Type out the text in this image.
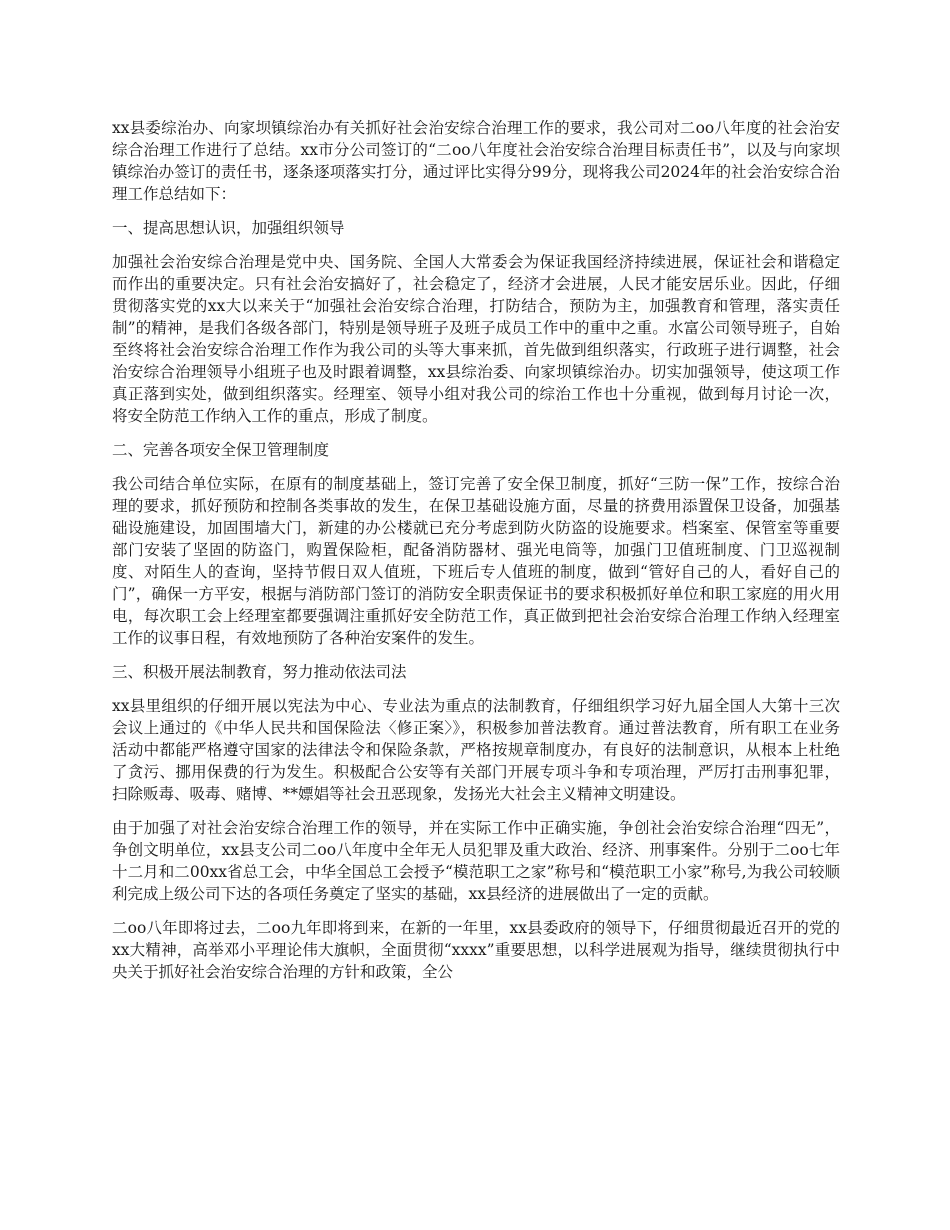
xx县委综治办、向家坝镇综治办有关抓好社会治安综合治理工作的要求，我公司对二oo八年度的社会治安综合治理工作进行了总结。xx市分公司签订的“二oo八年度社会治安综合治理目标责任书”，以及与向家坝镇综治办签订的责任书，逐条逐项落实打分，通过评比实得分99分，现将我公司2024年的社会治安综合治理工作总结如下：

一、提高思想认识，加强组织领导

加强社会治安综合治理是党中央、国务院、全国人大常委会为保证我国经济持续进展，保证社会和谐稳定而作出的重要决定。只有社会治安搞好了，社会稳定了，经济才会进展，人民才能安居乐业。因此，仔细贯彻落实党的xx大以来关于“加强社会治安综合治理，打防结合，预防为主，加强教育和管理，落实责任制”的精神，是我们各级各部门，特别是领导班子及班子成员工作中的重中之重。水富公司领导班子，自始至终将社会治安综合治理工作作为我公司的头等大事来抓，首先做到组织落实，行政班子进行调整，社会治安综合治理领导小组班子也及时跟着调整，xx县综治委、向家坝镇综治办。切实加强领导，使这项工作真正落到实处，做到组织落实。经理室、领导小组对我公司的综治工作也十分重视，做到每月讨论一次，将安全防范工作纳入工作的重点，形成了制度。

二、完善各项安全保卫管理制度

我公司结合单位实际，在原有的制度基础上，签订完善了安全保卫制度，抓好“三防一保”工作，按综合治理的要求，抓好预防和控制各类事故的发生，在保卫基础设施方面，尽量的挤费用添置保卫设备，加强基础设施建设，加固围墙大门，新建的办公楼就已充分考虑到防火防盗的设施要求。档案室、保管室等重要部门安装了坚固的防盗门，购置保险柜，配备消防器材、强光电筒等，加强门卫值班制度、门卫巡视制度、对陌生人的查询，坚持节假日双人值班，下班后专人值班的制度，做到“管好自己的人，看好自己的门”，确保一方平安，根据与消防部门签订的消防安全职责保证书的要求积极抓好单位和职工家庭的用火用电，每次职工会上经理室都要强调注重抓好安全防范工作，真正做到把社会治安综合治理工作纳入经理室工作的议事日程，有效地预防了各种治安案件的发生。

三、积极开展法制教育，努力推动依法司法

xx县里组织的仔细开展以宪法为中心、专业法为重点的法制教育，仔细组织学习好九届全国人大第十三次会议上通过的《中华人民共和国保险法〈修正案〉》，积极参加普法教育。通过普法教育，所有职工在业务活动中都能严格遵守国家的法律法令和保险条款，严格按规章制度办，有良好的法制意识，从根本上杜绝了贪污、挪用保费的行为发生。积极配合公安等有关部门开展专项斗争和专项治理，严厉打击刑事犯罪，扫除贩毒、吸毒、赌博、**嫖娼等社会丑恶现象，发扬光大社会主义精神文明建设。

由于加强了对社会治安综合治理工作的领导，并在实际工作中正确实施，争创社会治安综合治理“四无”，争创文明单位，xx县支公司二oo八年度中全年无人员犯罪及重大政治、经济、刑事案件。分别于二oo七年十二月和二00xx省总工会，中华全国总工会授予“模范职工之家”称号和“模范职工小家”称号,为我公司较顺利完成上级公司下达的各项任务奠定了坚实的基础，xx县经济的进展做出了一定的贡献。

二oo八年即将过去，二oo九年即将到来，在新的一年里，xx县委政府的领导下，仔细贯彻最近召开的党的xx大精神，高举邓小平理论伟大旗帜，全面贯彻“xxxx”重要思想，以科学进展观为指导，继续贯彻执行中央关于抓好社会治安综合治理的方针和政策，全公
